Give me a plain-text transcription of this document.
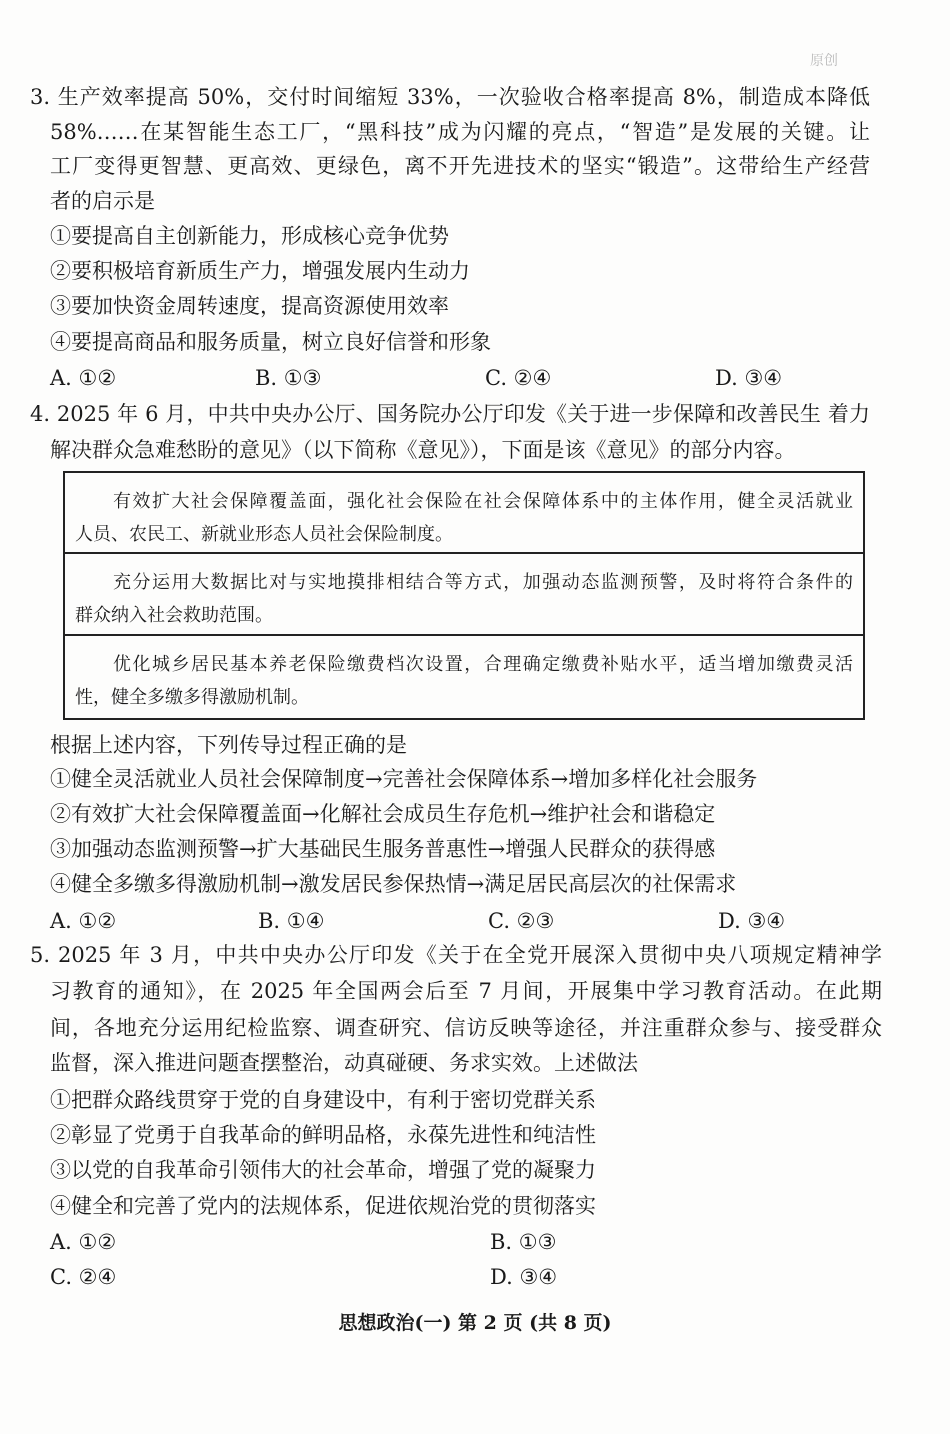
原创
3. 生产效率提高 50%，交付时间缩短 33%，一次验收合格率提高 8%，制造成本降低
58%……在某智能生态工厂，“黑科技”成为闪耀的亮点，“智造”是发展的关键。让
工厂变得更智慧、更高效、更绿色，离不开先进技术的坚实“锻造”。这带给生产经营
者的启示是
①要提高自主创新能力，形成核心竞争优势
②要积极培育新质生产力，增强发展内生动力
③要加快资金周转速度，提高资源使用效率
④要提高商品和服务质量，树立良好信誉和形象
A. ①②	B. ①③	C. ②④	D. ③④
4. 2025 年 6 月，中共中央办公厅、国务院办公厅印发《关于进一步保障和改善民生 着力
解决群众急难愁盼的意见》（以下简称《意见》），下面是该《意见》的部分内容。
有效扩大社会保障覆盖面，强化社会保险在社会保障体系中的主体作用，健全灵活就业
人员、农民工、新就业形态人员社会保险制度。
充分运用大数据比对与实地摸排相结合等方式，加强动态监测预警，及时将符合条件的
群众纳入社会救助范围。
优化城乡居民基本养老保险缴费档次设置，合理确定缴费补贴水平，适当增加缴费灵活
性，健全多缴多得激励机制。
根据上述内容，下列传导过程正确的是
①健全灵活就业人员社会保障制度→完善社会保障体系→增加多样化社会服务
②有效扩大社会保障覆盖面→化解社会成员生存危机→维护社会和谐稳定
③加强动态监测预警→扩大基础民生服务普惠性→增强人民群众的获得感
④健全多缴多得激励机制→激发居民参保热情→满足居民高层次的社保需求
A. ①②	B. ①④	C. ②③	D. ③④
5. 2025 年 3 月，中共中央办公厅印发《关于在全党开展深入贯彻中央八项规定精神学
习教育的通知》，在 2025 年全国两会后至 7 月间，开展集中学习教育活动。在此期
间，各地充分运用纪检监察、调查研究、信访反映等途径，并注重群众参与、接受群众
监督，深入推进问题查摆整治，动真碰硬、务求实效。上述做法
①把群众路线贯穿于党的自身建设中，有利于密切党群关系
②彰显了党勇于自我革命的鲜明品格，永葆先进性和纯洁性
③以党的自我革命引领伟大的社会革命，增强了党的凝聚力
④健全和完善了党内的法规体系，促进依规治党的贯彻落实
A. ①②	B. ①③
C. ②④	D. ③④
思想政治(一) 第 2 页 (共 8 页)
